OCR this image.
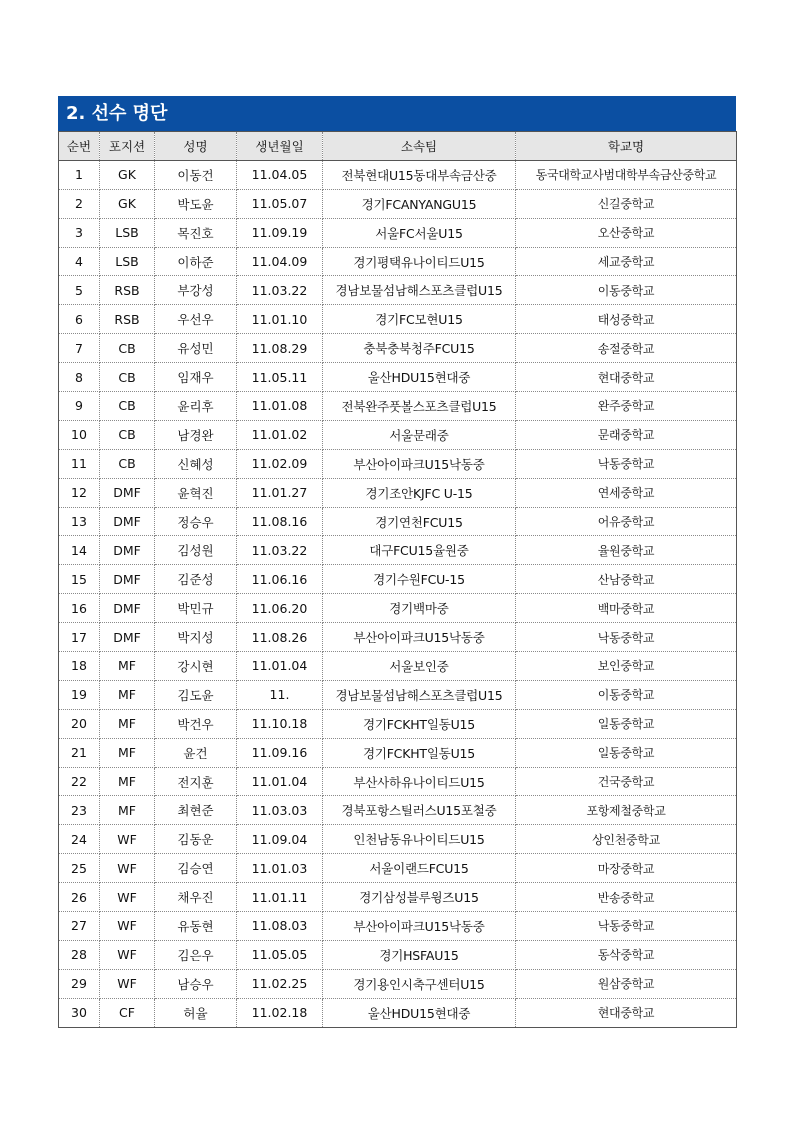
2. 선수 명단
순번	포지션	성명	생년월일	소속팀	학교명
1	GK	이동건	11.04.05	전북현대U15동대부속금산중	동국대학교사범대학부속금산중학교
2	GK	박도윤	11.05.07	경기FCANYANGU15	신길중학교
3	LSB	목진호	11.09.19	서울FC서울U15	오산중학교
4	LSB	이하준	11.04.09	경기평택유나이티드U15	세교중학교
5	RSB	부강성	11.03.22	경남보물섬남해스포츠클럽U15	이동중학교
6	RSB	우선우	11.01.10	경기FC모현U15	태성중학교
7	CB	유성민	11.08.29	충북충북청주FCU15	송절중학교
8	CB	임재우	11.05.11	울산HDU15현대중	현대중학교
9	CB	윤리후	11.01.08	전북완주풋볼스포츠클럽U15	완주중학교
10	CB	남경완	11.01.02	서울문래중	문래중학교
11	CB	신혜성	11.02.09	부산아이파크U15낙동중	낙동중학교
12	DMF	윤혁진	11.01.27	경기조안KJFC U-15	연세중학교
13	DMF	정승우	11.08.16	경기연천FCU15	어유중학교
14	DMF	김성원	11.03.22	대구FCU15율원중	율원중학교
15	DMF	김준성	11.06.16	경기수원FCU-15	산남중학교
16	DMF	박민규	11.06.20	경기백마중	백마중학교
17	DMF	박지성	11.08.26	부산아이파크U15낙동중	낙동중학교
18	MF	강시현	11.01.04	서울보인중	보인중학교
19	MF	김도윤	11.	경남보물섬남해스포츠클럽U15	이동중학교
20	MF	박건우	11.10.18	경기FCKHT일동U15	일동중학교
21	MF	윤건	11.09.16	경기FCKHT일동U15	일동중학교
22	MF	전지훈	11.01.04	부산사하유나이티드U15	건국중학교
23	MF	최현준	11.03.03	경북포항스틸러스U15포철중	포항제철중학교
24	WF	김동운	11.09.04	인천남동유나이티드U15	상인천중학교
25	WF	김승연	11.01.03	서울이랜드FCU15	마장중학교
26	WF	채우진	11.01.11	경기삼성블루윙즈U15	반송중학교
27	WF	유동현	11.08.03	부산아이파크U15낙동중	낙동중학교
28	WF	김은우	11.05.05	경기HSFAU15	동삭중학교
29	WF	남승우	11.02.25	경기용인시축구센터U15	원삼중학교
30	CF	허율	11.02.18	울산HDU15현대중	현대중학교
